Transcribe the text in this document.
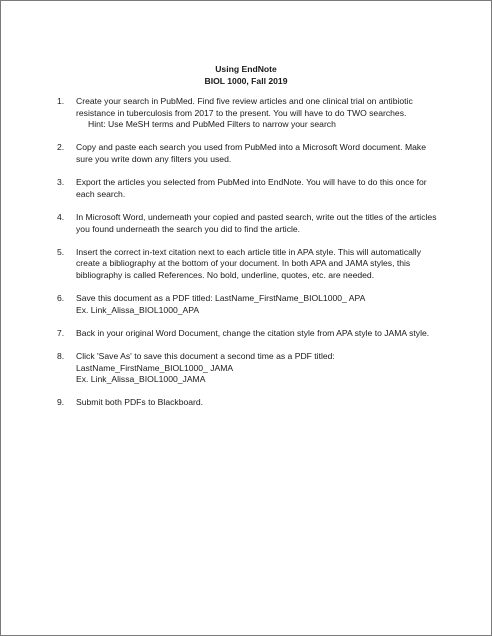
Using EndNote
BIOL 1000, Fall 2019
1. Create your search in PubMed. Find five review articles and one clinical trial on antibiotic resistance in tuberculosis from 2017 to the present. You will have to do TWO searches.
Hint: Use MeSH terms and PubMed Filters to narrow your search
2. Copy and paste each search you used from PubMed into a Microsoft Word document. Make sure you write down any filters you used.
3. Export the articles you selected from PubMed into EndNote. You will have to do this once for each search.
4. In Microsoft Word, underneath your copied and pasted search, write out the titles of the articles you found underneath the search you did to find the article.
5. Insert the correct in-text citation next to each article title in APA style. This will automatically create a bibliography at the bottom of your document. In both APA and JAMA styles, this bibliography is called References. No bold, underline, quotes, etc. are needed.
6. Save this document as a PDF titled: LastName_FirstName_BIOL1000_ APA
Ex. Link_Alissa_BIOL1000_APA
7. Back in your original Word Document, change the citation style from APA style to JAMA style.
8. Click 'Save As' to save this document a second time as a PDF titled:
LastName_FirstName_BIOL1000_ JAMA
Ex. Link_Alissa_BIOL1000_JAMA
9. Submit both PDFs to Blackboard.
